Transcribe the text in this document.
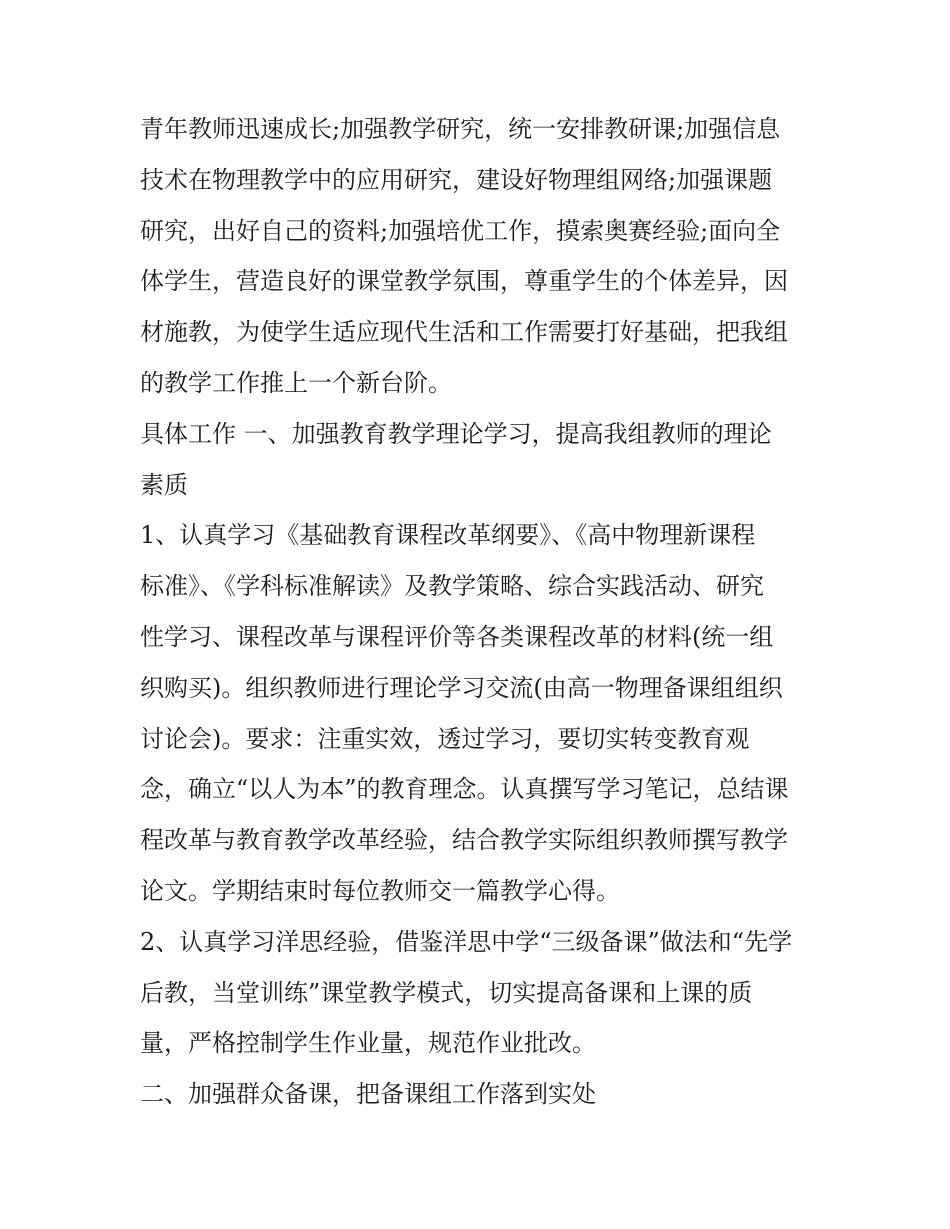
青年教师迅速成长;加强教学研究，统一安排教研课;加强信息
技术在物理教学中的应用研究，建设好物理组网络;加强课题
研究，出好自己的资料;加强培优工作，摸索奥赛经验;面向全
体学生，营造良好的课堂教学氛围，尊重学生的个体差异，因
材施教，为使学生适应现代生活和工作需要打好基础，把我组
的教学工作推上一个新台阶。
具体工作 一、加强教育教学理论学习，提高我组教师的理论
素质
1、认真学习《基础教育课程改革纲要》、《高中物理新课程
标准》、《学科标准解读》及教学策略、综合实践活动、研究
性学习、课程改革与课程评价等各类课程改革的材料(统一组
织购买)。组织教师进行理论学习交流(由高一物理备课组组织
讨论会)。要求：注重实效，透过学习，要切实转变教育观
念，确立“以人为本”的教育理念。认真撰写学习笔记，总结课
程改革与教育教学改革经验，结合教学实际组织教师撰写教学
论文。学期结束时每位教师交一篇教学心得。
2、认真学习洋思经验，借鉴洋思中学“三级备课”做法和“先学
后教，当堂训练”课堂教学模式，切实提高备课和上课的质
量，严格控制学生作业量，规范作业批改。
二、加强群众备课，把备课组工作落到实处
